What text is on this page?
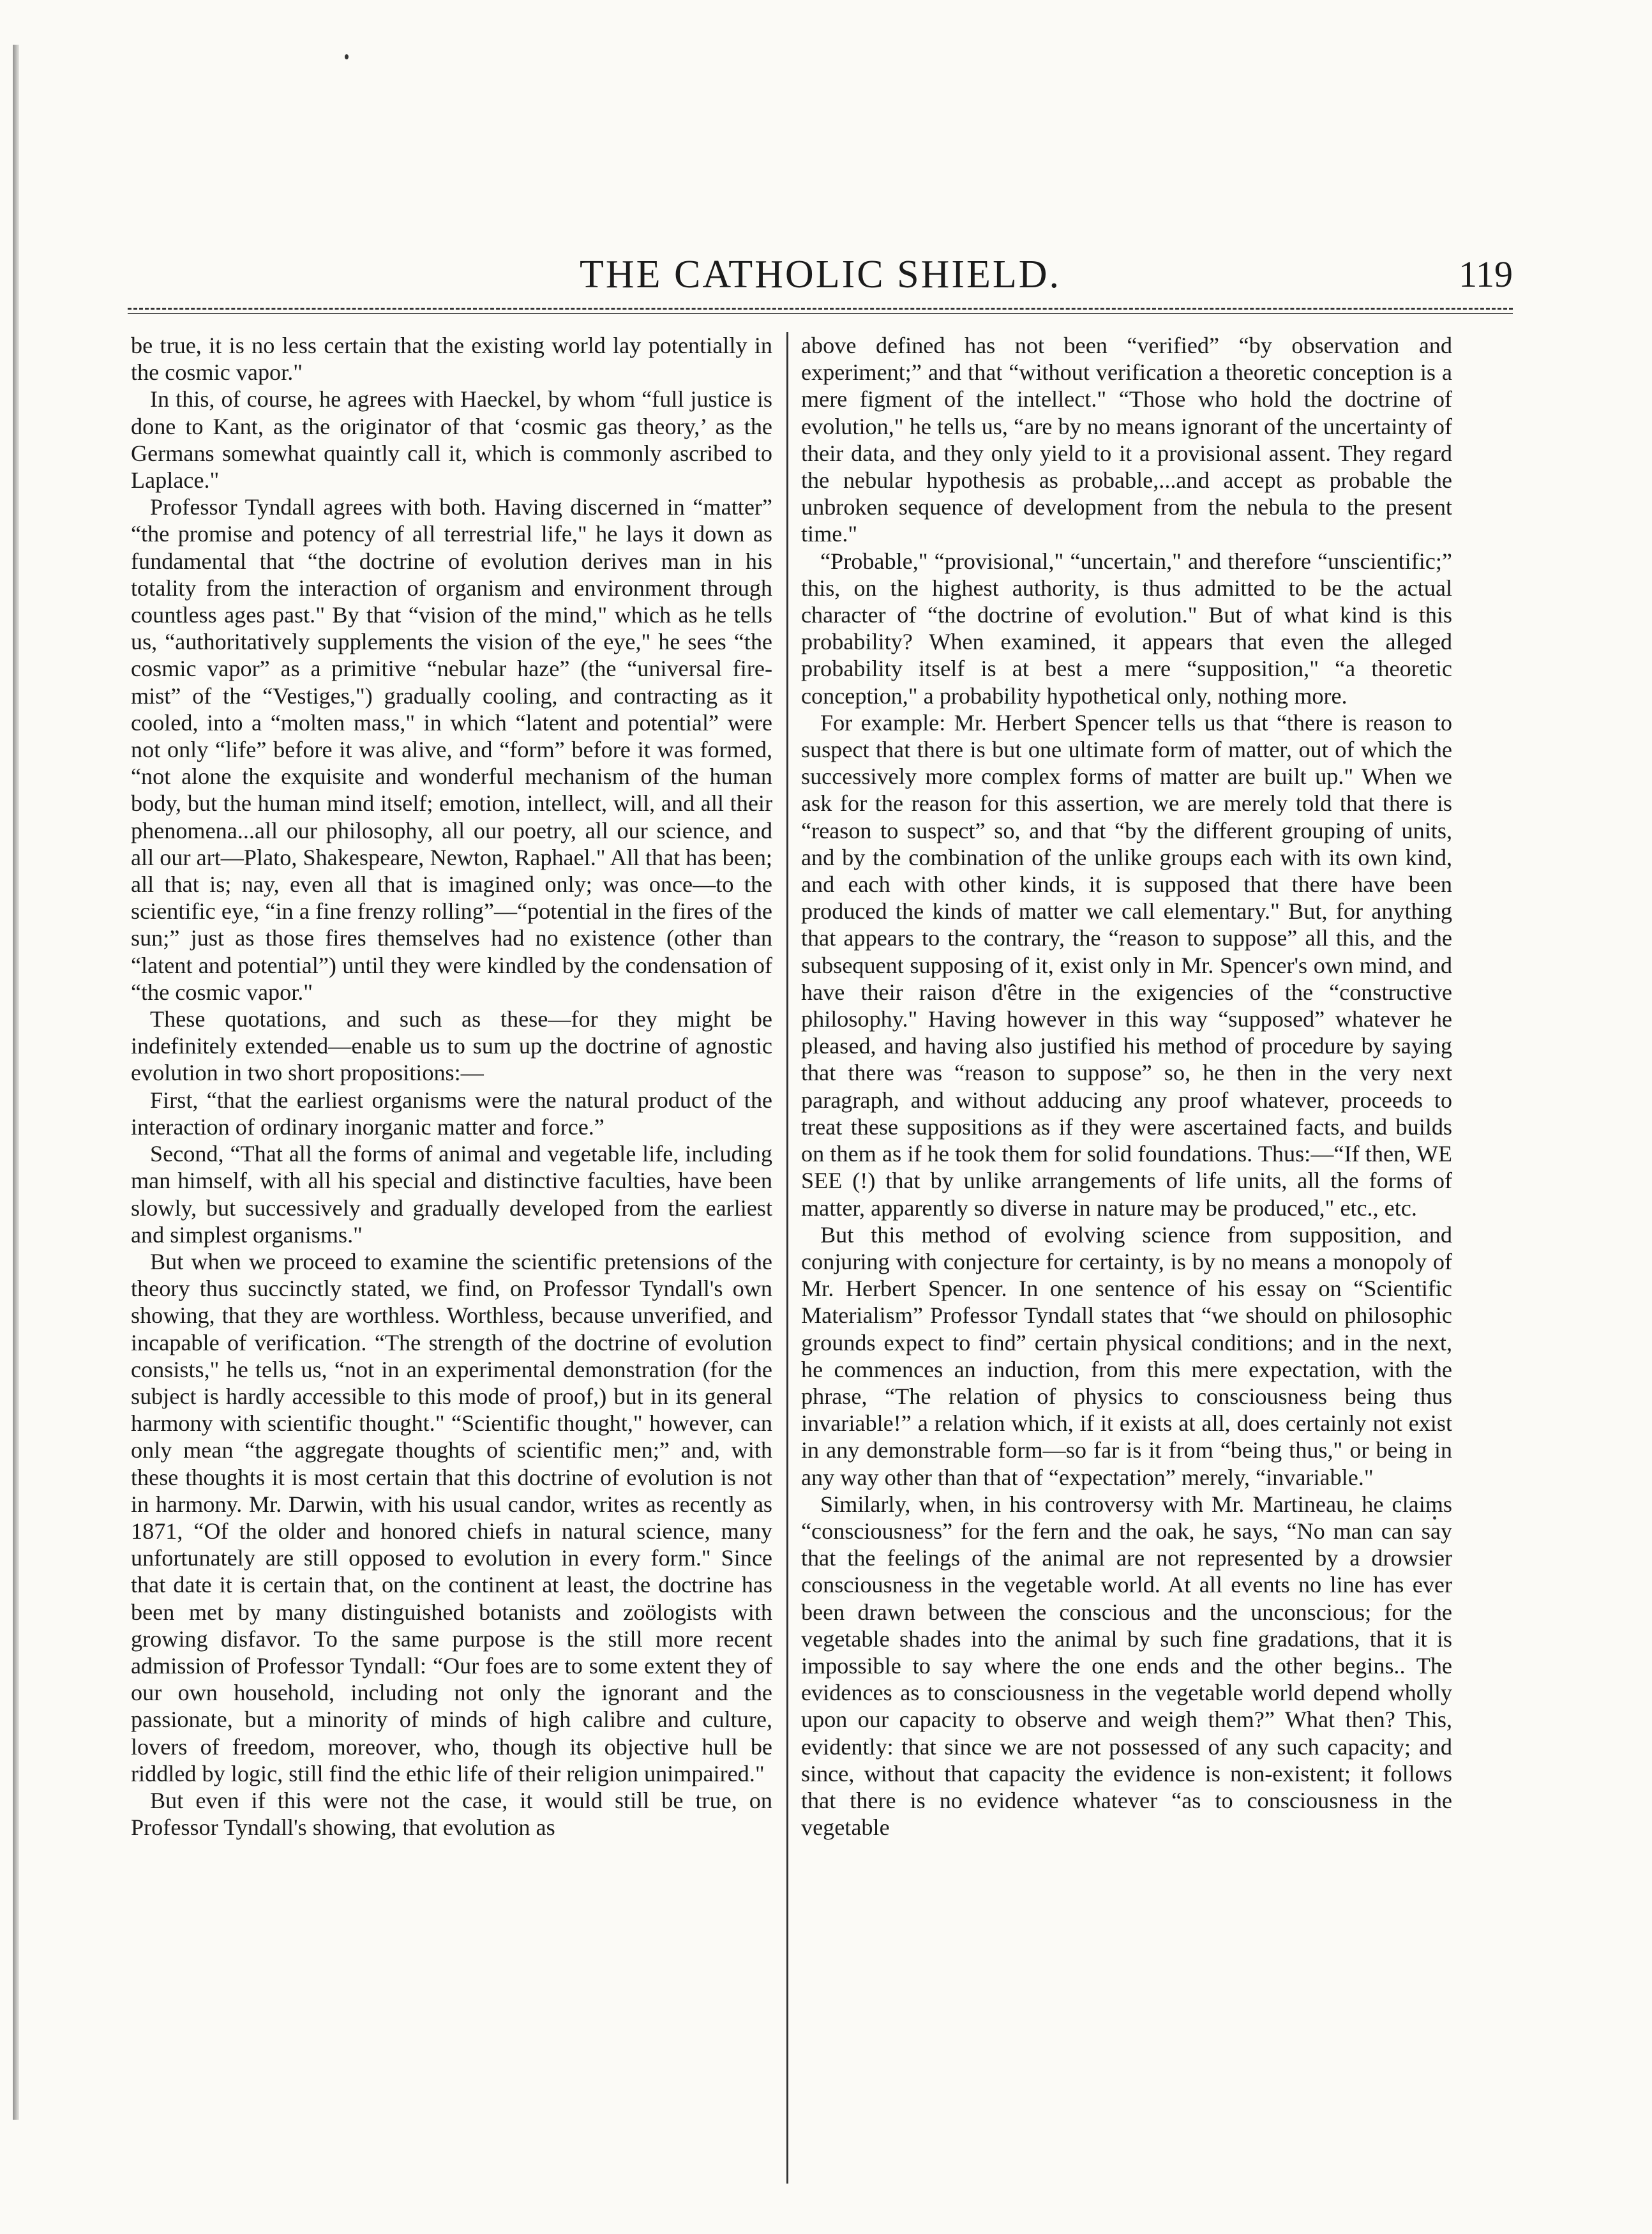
THE CATHOLIC SHIELD.	119

be true, it is no less certain that the existing world lay potentially in the cosmic vapor."

In this, of course, he agrees with Haeckel, by whom “full justice is done to Kant, as the originator of that ‘cosmic gas theory,’ as the Germans somewhat quaintly call it, which is commonly ascribed to Laplace."

Professor Tyndall agrees with both. Having discerned in “matter” “the promise and potency of all terrestrial life," he lays it down as fundamental that “the doctrine of evolution derives man in his totality from the interaction of organism and environment through countless ages past." By that “vision of the mind," which as he tells us, “authoritatively supplements the vision of the eye," he sees “the cosmic vapor” as a primitive “nebular haze” (the “universal fire-mist” of the “Vestiges,") gradually cooling, and contracting as it cooled, into a “molten mass," in which “latent and potential” were not only “life” before it was alive, and “form” before it was formed, “not alone the exquisite and wonderful mechanism of the human body, but the human mind itself; emotion, intellect, will, and all their phenomena...all our philosophy, all our poetry, all our science, and all our art—Plato, Shakespeare, Newton, Raphael." All that has been; all that is; nay, even all that is imagined only; was once—to the scientific eye, “in a fine frenzy rolling”—“potential in the fires of the sun;” just as those fires themselves had no existence (other than “latent and potential”) until they were kindled by the condensation of “the cosmic vapor."

These quotations, and such as these—for they might be indefinitely extended—enable us to sum up the doctrine of agnostic evolution in two short propositions:—

First, “that the earliest organisms were the natural product of the interaction of ordinary inorganic matter and force.”

Second, “That all the forms of animal and vegetable life, including man himself, with all his special and distinctive faculties, have been slowly, but successively and gradually developed from the earliest and simplest organisms."

But when we proceed to examine the scientific pretensions of the theory thus succinctly stated, we find, on Professor Tyndall's own showing, that they are worthless. Worthless, because unverified, and incapable of verification. “The strength of the doctrine of evolution consists," he tells us, “not in an experimental demonstration (for the subject is hardly accessible to this mode of proof,) but in its general harmony with scientific thought." “Scientific thought," however, can only mean “the aggregate thoughts of scientific men;” and, with these thoughts it is most certain that this doctrine of evolution is not in harmony. Mr. Darwin, with his usual candor, writes as recently as 1871, “Of the older and honored chiefs in natural science, many unfortunately are still opposed to evolution in every form." Since that date it is certain that, on the continent at least, the doctrine has been met by many distinguished botanists and zoölogists with growing disfavor. To the same purpose is the still more recent admission of Professor Tyndall: “Our foes are to some extent they of our own household, including not only the ignorant and the passionate, but a minority of minds of high calibre and culture, lovers of freedom, moreover, who, though its objective hull be riddled by logic, still find the ethic life of their religion unimpaired."

But even if this were not the case, it would still be true, on Professor Tyndall's showing, that evolution as

above defined has not been “verified” “by observation and experiment;” and that “without verification a theoretic conception is a mere figment of the intellect." “Those who hold the doctrine of evolution," he tells us, “are by no means ignorant of the uncertainty of their data, and they only yield to it a provisional assent. They regard the nebular hypothesis as probable,...and accept as probable the unbroken sequence of development from the nebula to the present time."

“Probable," “provisional," “uncertain," and therefore “unscientific;” this, on the highest authority, is thus admitted to be the actual character of “the doctrine of evolution." But of what kind is this probability? When examined, it appears that even the alleged probability itself is at best a mere “supposition," “a theoretic conception," a probability hypothetical only, nothing more.

For example: Mr. Herbert Spencer tells us that “there is reason to suspect that there is but one ultimate form of matter, out of which the successively more complex forms of matter are built up." When we ask for the reason for this assertion, we are merely told that there is “reason to suspect” so, and that “by the different grouping of units, and by the combination of the unlike groups each with its own kind, and each with other kinds, it is supposed that there have been produced the kinds of matter we call elementary." But, for anything that appears to the contrary, the “reason to suppose” all this, and the subsequent supposing of it, exist only in Mr. Spencer's own mind, and have their raison d'être in the exigencies of the “constructive philosophy." Having however in this way “supposed” whatever he pleased, and having also justified his method of procedure by saying that there was “reason to suppose” so, he then in the very next paragraph, and without adducing any proof whatever, proceeds to treat these suppositions as if they were ascertained facts, and builds on them as if he took them for solid foundations. Thus:—“If then, WE SEE (!) that by unlike arrangements of life units, all the forms of matter, apparently so diverse in nature may be produced," etc., etc.

But this method of evolving science from supposition, and conjuring with conjecture for certainty, is by no means a monopoly of Mr. Herbert Spencer. In one sentence of his essay on “Scientific Materialism” Professor Tyndall states that “we should on philosophic grounds expect to find” certain physical conditions; and in the next, he commences an induction, from this mere expectation, with the phrase, “The relation of physics to consciousness being thus invariable!” a relation which, if it exists at all, does certainly not exist in any demonstrable form—so far is it from “being thus," or being in any way other than that of “expectation” merely, “invariable."

Similarly, when, in his controversy with Mr. Martineau, he claims “consciousness” for the fern and the oak, he says, “No man can say that the feelings of the animal are not represented by a drowsier consciousness in the vegetable world. At all events no line has ever been drawn between the conscious and the unconscious; for the vegetable shades into the animal by such fine gradations, that it is impossible to say where the one ends and the other begins.. The evidences as to consciousness in the vegetable world depend wholly upon our capacity to observe and weigh them?” What then? This, evidently: that since we are not possessed of any such capacity; and since, without that capacity the evidence is non-existent; it follows that there is no evidence whatever “as to consciousness in the vegetable
